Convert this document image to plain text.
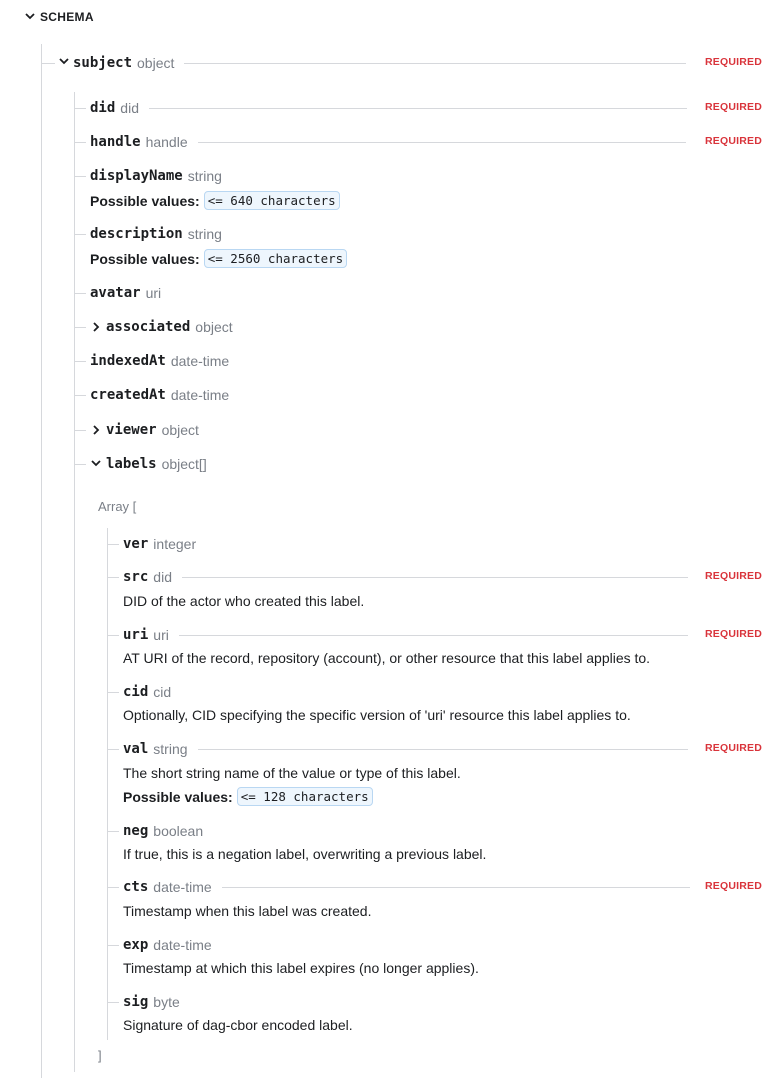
SCHEMA
subject object	REQUIRED
did did	REQUIRED
handle handle	REQUIRED
displayName string
Possible values: <= 640 characters
description string
Possible values: <= 2560 characters
avatar uri
associated object
indexedAt date-time
createdAt date-time
viewer object
labels object[]
Array [
ver integer
src did	REQUIRED
DID of the actor who created this label.
uri uri	REQUIRED
AT URI of the record, repository (account), or other resource that this label applies to.
cid cid
Optionally, CID specifying the specific version of 'uri' resource this label applies to.
val string	REQUIRED
The short string name of the value or type of this label.
Possible values: <= 128 characters
neg boolean
If true, this is a negation label, overwriting a previous label.
cts date-time	REQUIRED
Timestamp when this label was created.
exp date-time
Timestamp at which this label expires (no longer applies).
sig byte
Signature of dag-cbor encoded label.
]
